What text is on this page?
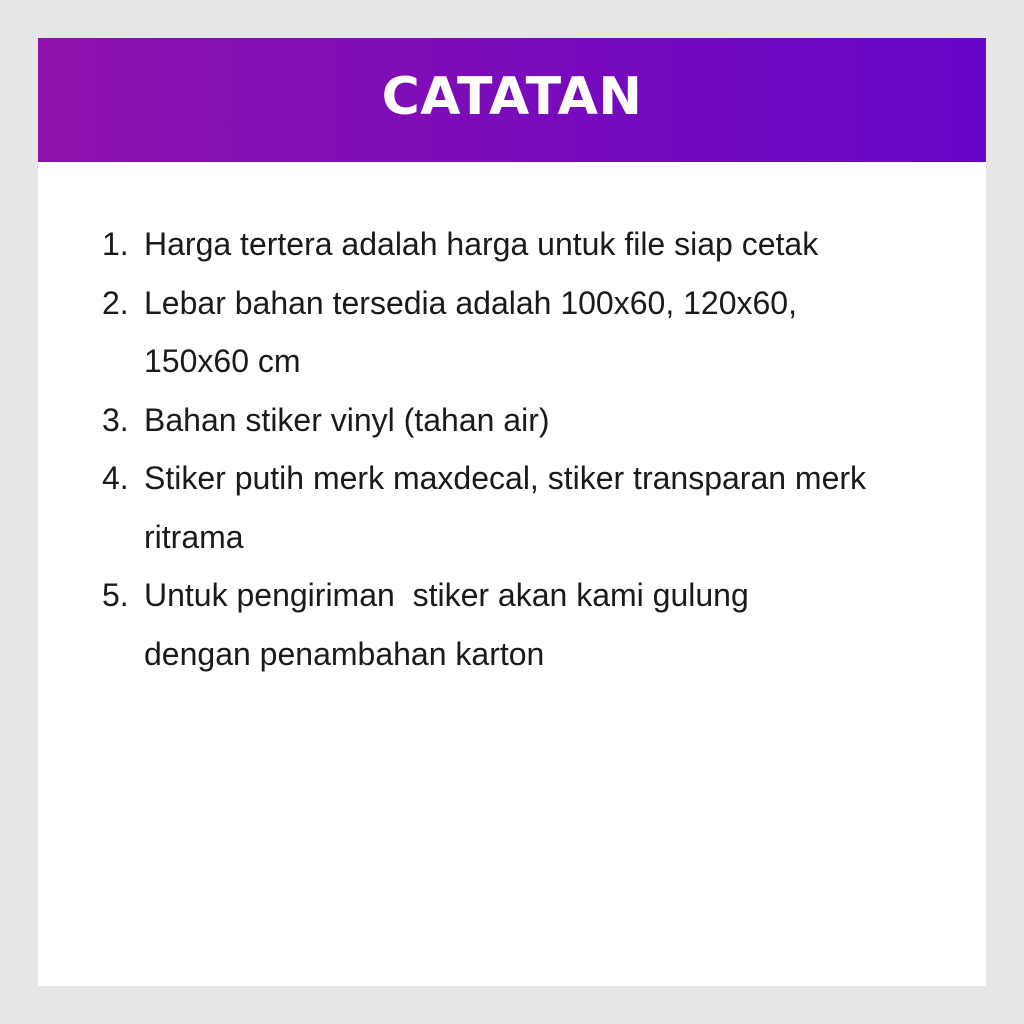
CATATAN
1. Harga tertera adalah harga untuk file siap cetak
2. Lebar bahan tersedia adalah 100x60, 120x60, 150x60 cm
3. Bahan stiker vinyl (tahan air)
4. Stiker putih merk maxdecal, stiker transparan merk ritrama
5. Untuk pengiriman  stiker akan kami gulung dengan penambahan karton
